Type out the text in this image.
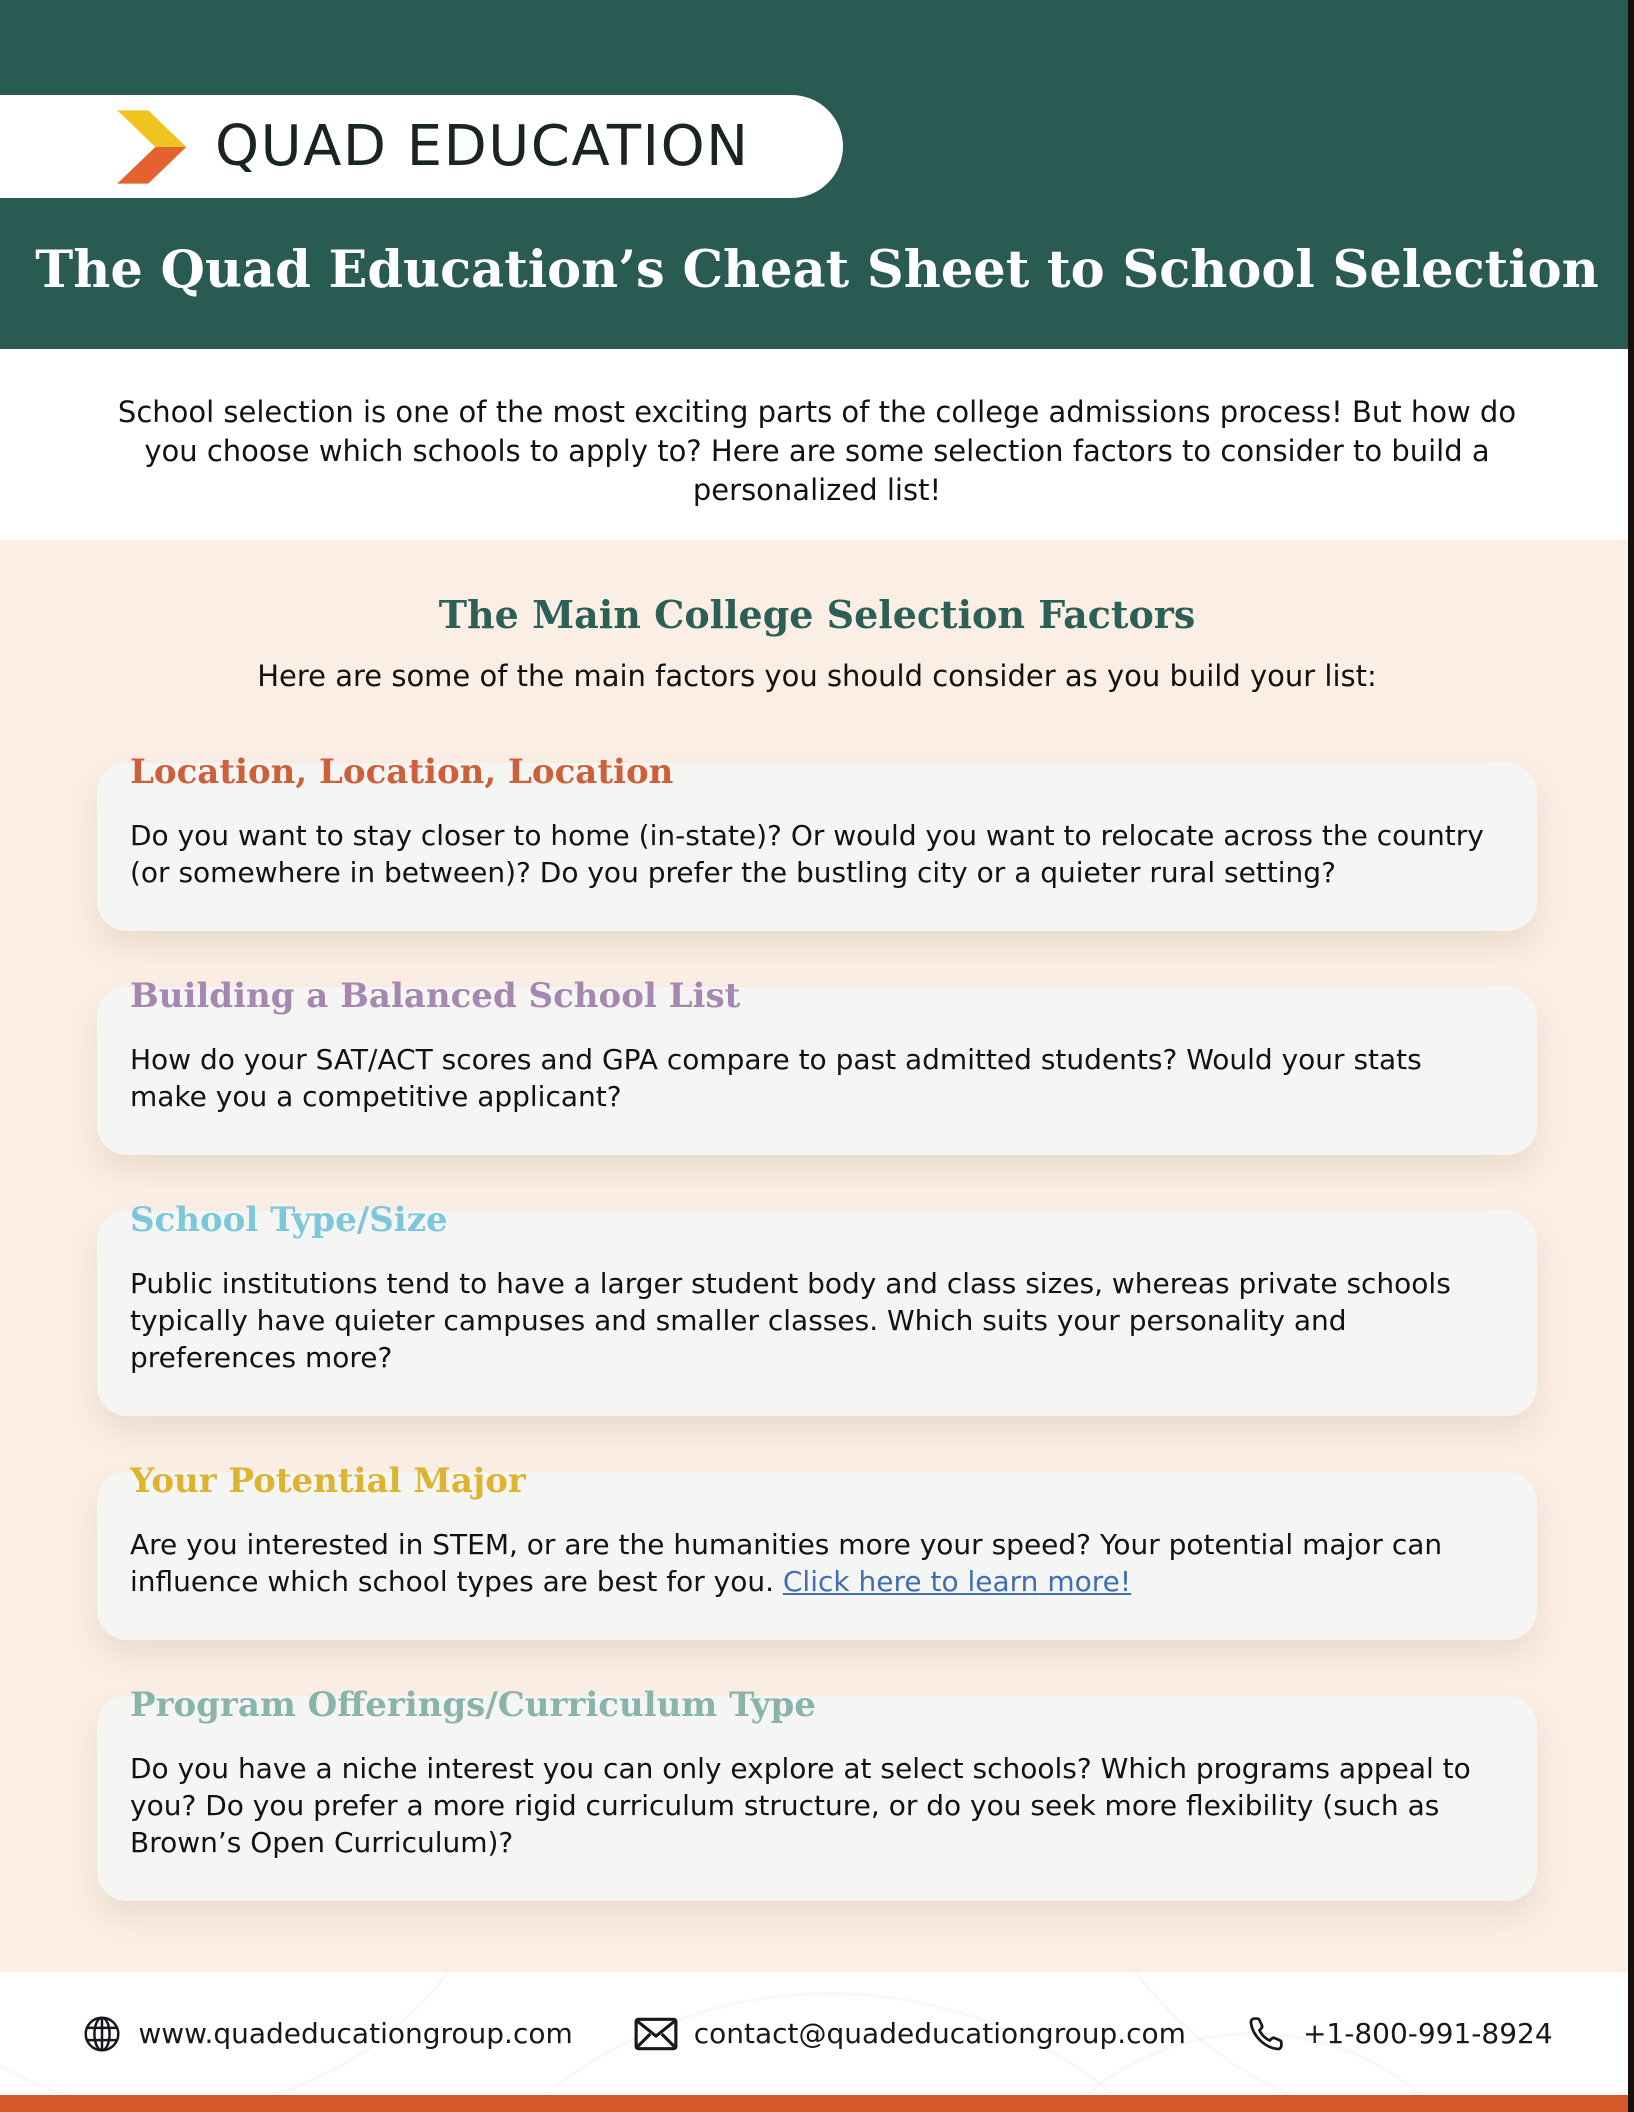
QUAD EDUCATION
The Quad Education’s Cheat Sheet to School Selection

School selection is one of the most exciting parts of the college admissions process! But how do you choose which schools to apply to? Here are some selection factors to consider to build a personalized list!

The Main College Selection Factors

Here are some of the main factors you should consider as you build your list:

Location, Location, Location

Do you want to stay closer to home (in-state)? Or would you want to relocate across the country (or somewhere in between)? Do you prefer the bustling city or a quieter rural setting?

Building a Balanced School List

How do your SAT/ACT scores and GPA compare to past admitted students? Would your stats make you a competitive applicant?

School Type/Size

Public institutions tend to have a larger student body and class sizes, whereas private schools typically have quieter campuses and smaller classes. Which suits your personality and preferences more?

Your Potential Major

Are you interested in STEM, or are the humanities more your speed? Your potential major can influence which school types are best for you. Click here to learn more!

Program Offerings/Curriculum Type

Do you have a niche interest you can only explore at select schools? Which programs appeal to you? Do you prefer a more rigid curriculum structure, or do you seek more flexibility (such as Brown’s Open Curriculum)?

www.quadeducationgroup.com	contact@quadeducationgroup.com	+1-800-991-8924
